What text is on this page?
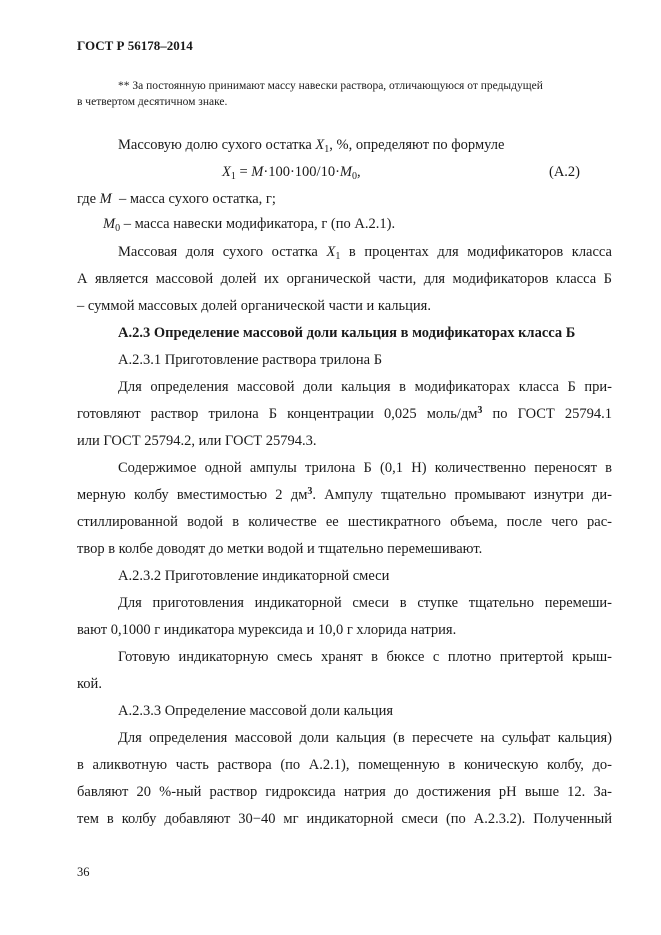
ГОСТ Р 56178–2014
** За постоянную принимают массу навески раствора, отличающуюся от предыдущей
в четвертом десятичном знаке.
Массовую долю сухого остатка $X_1$, %, определяют по формуле
$X_1 = M\cdot 100\cdot 100/10\cdot M_0$,	(А.2)
где M  – масса сухого остатка, г;
$M_0$ – масса навески модификатора, г (по А.2.1).
Массовая доля сухого остатка $X_1$ в процентах для модификаторов класса
А является массовой долей их органической части, для модификаторов класса Б
– суммой массовых долей органической части и кальция.
А.2.3 Определение массовой доли кальция в модификаторах класса Б
А.2.3.1 Приготовление раствора трилона Б
Для определения массовой доли кальция в модификаторах класса Б при-
готовляют раствор трилона Б концентрации 0,025 моль/$дм^3$ по ГОСТ 25794.1
или ГОСТ 25794.2, или ГОСТ 25794.3.
Содержимое одной ампулы трилона Б (0,1 Н) количественно переносят в
мерную колбу вместимостью 2 $дм^3$. Ампулу тщательно промывают изнутри ди-
стиллированной водой в количестве ее шестикратного объема, после чего рас-
твор в колбе доводят до метки водой и тщательно перемешивают.
А.2.3.2 Приготовление индикаторной смеси
Для приготовления индикаторной смеси в ступке тщательно перемеши-
вают 0,1000 г индикатора мурексида и 10,0 г хлорида натрия.
Готовую индикаторную смесь хранят в бюксе с плотно притертой крыш-
кой.
А.2.3.3 Определение массовой доли кальция
Для определения массовой доли кальция (в пересчете на сульфат кальция)
в аликвотную часть раствора (по А.2.1), помещенную в коническую колбу, до-
бавляют 20 %-ный раствор гидроксида натрия до достижения pH выше 12. За-
тем в колбу добавляют 30−40 мг индикаторной смеси (по А.2.3.2). Полученный
36
